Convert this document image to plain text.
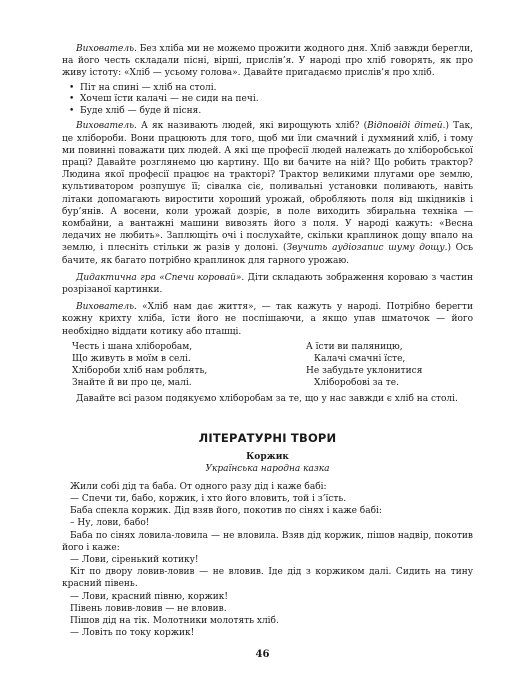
Вихователь. Без хліба ми не можемо прожити жодного дня. Хліб завжди берегли, на його честь складали пісні, вірші, прислів’я. У народі про хліб говорять, як про живу істоту: «Хліб — усьому голова». Давайте пригадаємо прислів’я про хліб.

• Піт на спині — хліб на столі.
• Хочеш їсти калачі — не сиди на печі.
• Буде хліб — буде й пісня.

Вихователь. А як називають людей, які вирощують хліб? (Відповіді дітей.) Так, це хлібороби. Вони працюють для того, щоб ми їли смачний і духмяний хліб, і тому ми повинні поважати цих людей. А які ще професії людей належать до хліборобської праці? Давайте розглянемо цю картину. Що ви бачите на ній? Що робить трактор? Людина якої професії працює на тракторі? Трактор великими плугами оре землю, культиватором розпушує її; сівалка сіє, поливальні установки поливають, навіть літаки допомагають виростити хороший урожай, обробляють поля від шкідників і бур’янів. А восени, коли урожай дозріє, в поле виходить збиральна техніка — комбайни, а вантажні машини вивозять його з поля. У народі кажуть: «Весна ледачих не любить». Заплющіть очі і послухайте, скільки краплинок дощу впало на землю, і плесніть стільки ж разів у долоні. (Звучить аудіозапис шуму дощу.) Ось бачите, як багато потрібно краплинок для гарного урожаю.

Дидактична гра «Спечи коровай». Діти складають зображення короваю з частин розрізаної картинки.

Вихователь. «Хліб нам дає життя», — так кажуть у народі. Потрібно берегти кожну крихту хліба, їсти його не поспішаючи, а якщо упав шматочок — його необхідно віддати котику або пташці.

Честь і шана хліборобам,
Що живуть в моїм в селі.
Хлібороби хліб нам роблять,
Знайте й ви про це, малі.
А їсти ви паляницю,
Калачі смачні їсте,
Не забудьте уклонитися
Хліборобові за те.

Давайте всі разом подякуємо хліборобам за те, що у нас завжди є хліб на столі.

ЛІТЕРАТУРНІ ТВОРИ
Коржик
Українська народна казка
Жили собі дід та баба. От одного разу дід і каже бабі:
— Спечи ти, бабо, коржик, і хто його вловить, той і з’їсть.
Баба спекла коржик. Дід взяв його, покотив по сінях і каже бабі:
– Ну, лови, бабо!
Баба по сінях ловила-ловила — не вловила. Взяв дід коржик, пішов надвір, покотив його і каже:
— Лови, сіренький котику!
Кіт по двору ловив-ловив — не вловив. Іде дід з коржиком далі. Сидить на тину красний півень.
— Лови, красний півню, коржик!
Півень ловив-ловив — не вловив.
Пішов дід на тік. Молотники молотять хліб.
— Ловіть по току коржик!
46
